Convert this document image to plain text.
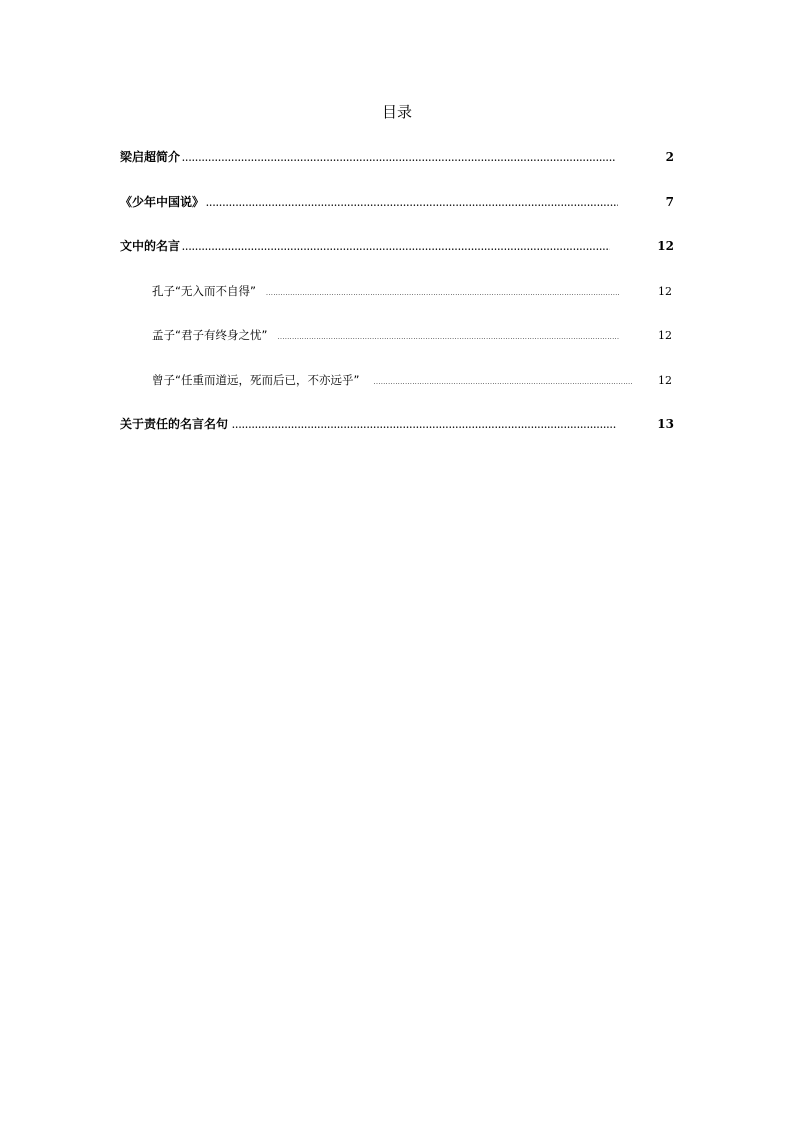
目录
梁启超简介 .....	2
《少年中国说》 .....	7
文中的名言 .....	12
孔子“无入而不自得” .....	12
孟子“君子有终身之忧” .....	12
曾子“任重而道远，死而后已，不亦远乎” .....	12
关于责任的名言名句 .....	13
